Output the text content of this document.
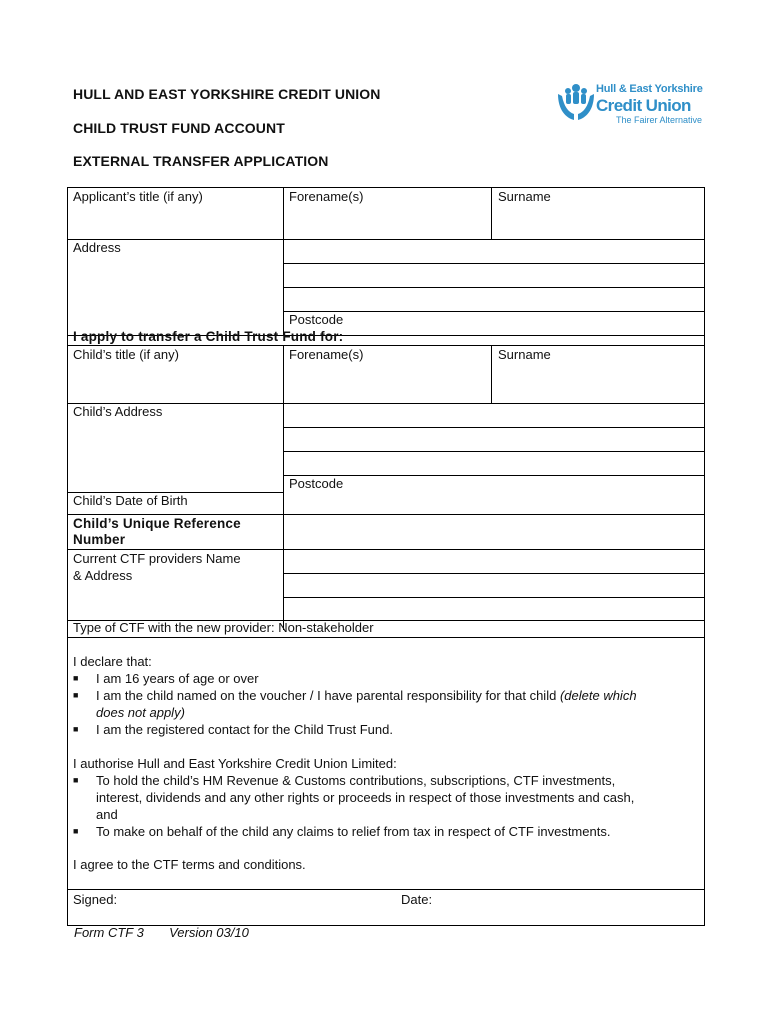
HULL AND EAST YORKSHIRE CREDIT UNION
CHILD TRUST FUND ACCOUNT
EXTERNAL TRANSFER APPLICATION
Hull & East Yorkshire
Credit Union
The Fairer Alternative
Applicant’s title (if any)	Forename(s)	Surname
Address
Postcode
I apply to transfer a Child Trust Fund for:
Child’s title (if any)	Forename(s)	Surname
Child’s Address
Postcode
Child’s Date of Birth
Child’s Unique Reference
Number
Current CTF providers Name
& Address
Type of CTF with the new provider: Non-stakeholder
I declare that:
■ I am 16 years of age or over
■ I am the child named on the voucher / I have parental responsibility for that child (delete which
does not apply)
■ I am the registered contact for the Child Trust Fund.
I authorise Hull and East Yorkshire Credit Union Limited:
■ To hold the child’s HM Revenue & Customs contributions, subscriptions, CTF investments,
interest, dividends and any other rights or proceeds in respect of those investments and cash,
and
■ To make on behalf of the child any claims to relief from tax in respect of CTF investments.
I agree to the CTF terms and conditions.
Signed:	Date:
Form CTF 3 Version 03/10
